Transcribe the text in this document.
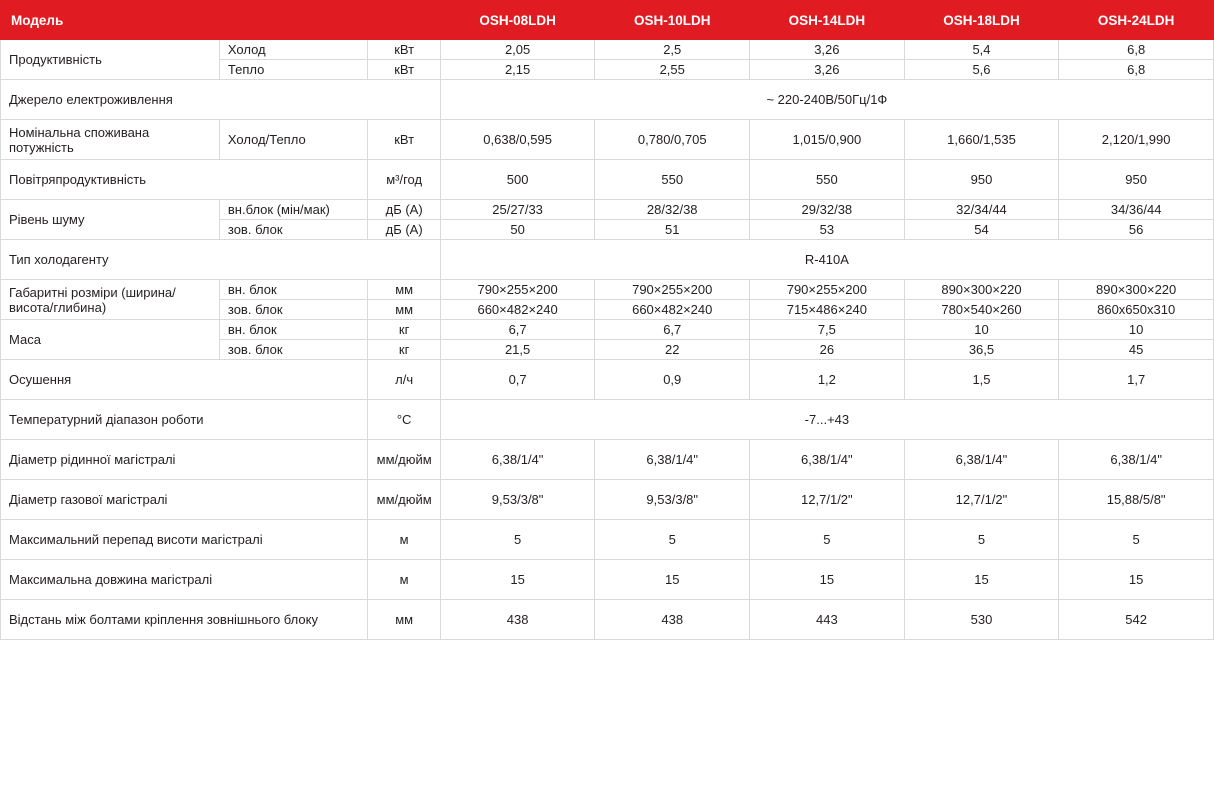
Модель			OSH-08LDH	OSH-10LDH	OSH-14LDH	OSH-18LDH	OSH-24LDH
Продуктивність	Холод	кВт	2,05	2,5	3,26	5,4	6,8
	Тепло	кВт	2,15	2,55	3,26	5,6	6,8
Джерело електроживлення			~ 220-240В/50Гц/1Ф				
Номінальна споживана потужність	Холод/Тепло	кВт	0,638/0,595	0,780/0,705	1,015/0,900	1,660/1,535	2,120/1,990
Повітряпродуктивність		м³/год	500	550	550	950	950
Рівень шуму	вн.блок (мін/мак)	дБ (А)	25/27/33	28/32/38	29/32/38	32/34/44	34/36/44
	зов. блок	дБ (А)	50	51	53	54	56
Тип холодагенту			R-410A				
Габаритні розміри (ширина/висота/глибина)	вн. блок	мм	790×255×200	790×255×200	790×255×200	890×300×220	890×300×220
	зов. блок	мм	660×482×240	660×482×240	715×486×240	780×540×260	860х650х310
Маса	вн. блок	кг	6,7	6,7	7,5	10	10
	зов. блок	кг	21,5	22	26	36,5	45
Осушення		л/ч	0,7	0,9	1,2	1,5	1,7
Температурний діапазон роботи		°C	-7...+43				
Діаметр рідинної магістралі		мм/дюйм	6,38/1/4"	6,38/1/4"	6,38/1/4"	6,38/1/4"	6,38/1/4"
Діаметр газової магістралі		мм/дюйм	9,53/3/8"	9,53/3/8"	12,7/1/2"	12,7/1/2"	15,88/5/8"
Максимальний перепад висоти магістралі		м	5	5	5	5	5
Максимальна довжина магістралі		м	15	15	15	15	15
Відстань між болтами кріплення зовнішнього блоку		мм	438	438	443	530	542
